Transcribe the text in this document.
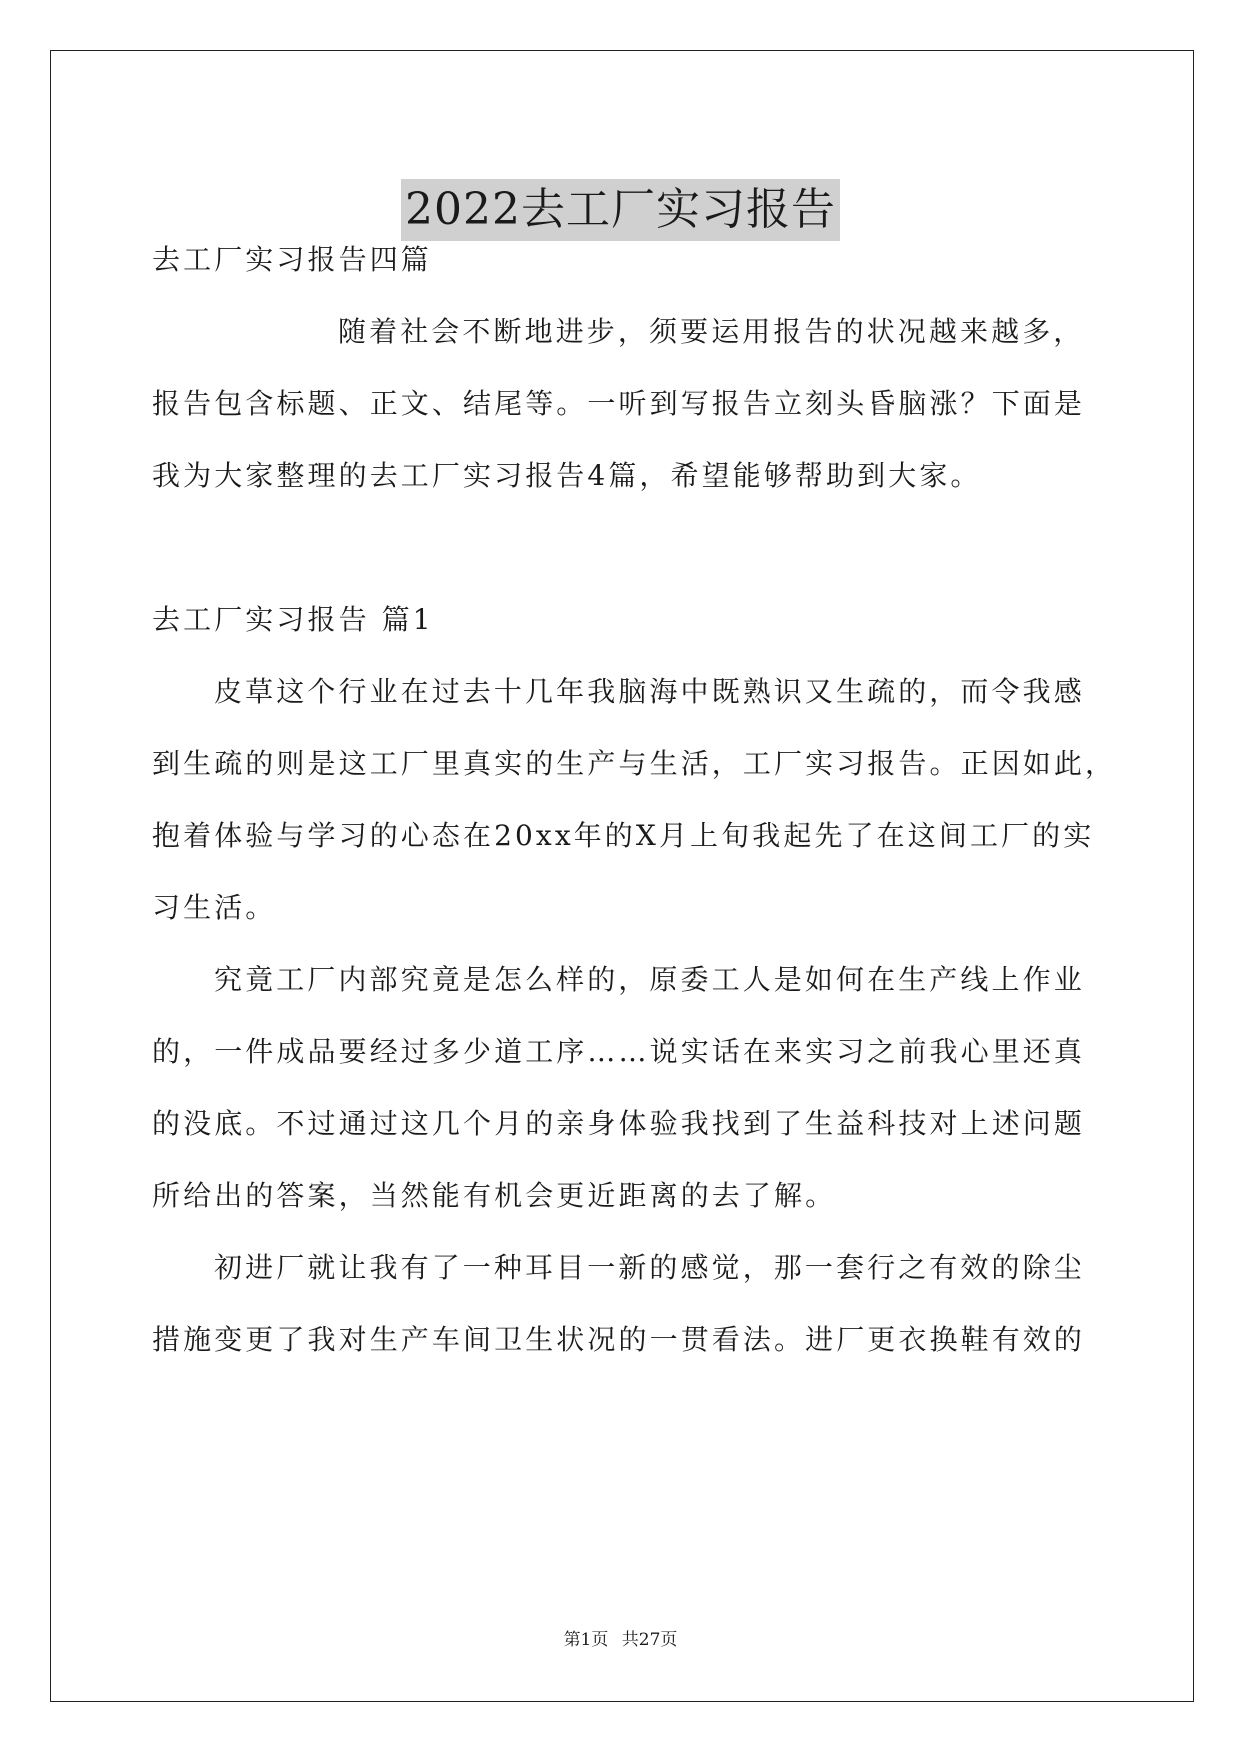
2022去工厂实习报告
去工厂实习报告四篇
随着社会不断地进步，须要运用报告的状况越来越多，
报告包含标题、正文、结尾等。一听到写报告立刻头昏脑涨？下面是
我为大家整理的去工厂实习报告4篇，希望能够帮助到大家。
去工厂实习报告 篇1
皮草这个行业在过去十几年我脑海中既熟识又生疏的，而令我感
到生疏的则是这工厂里真实的生产与生活，工厂实习报告。正因如此，
抱着体验与学习的心态在20xx年的X月上旬我起先了在这间工厂的实
习生活。
究竟工厂内部究竟是怎么样的，原委工人是如何在生产线上作业
的，一件成品要经过多少道工序……说实话在来实习之前我心里还真
的没底。不过通过这几个月的亲身体验我找到了生益科技对上述问题
所给出的答案，当然能有机会更近距离的去了解。
初进厂就让我有了一种耳目一新的感觉，那一套行之有效的除尘
措施变更了我对生产车间卫生状况的一贯看法。进厂更衣换鞋有效的
第1页 共27页
